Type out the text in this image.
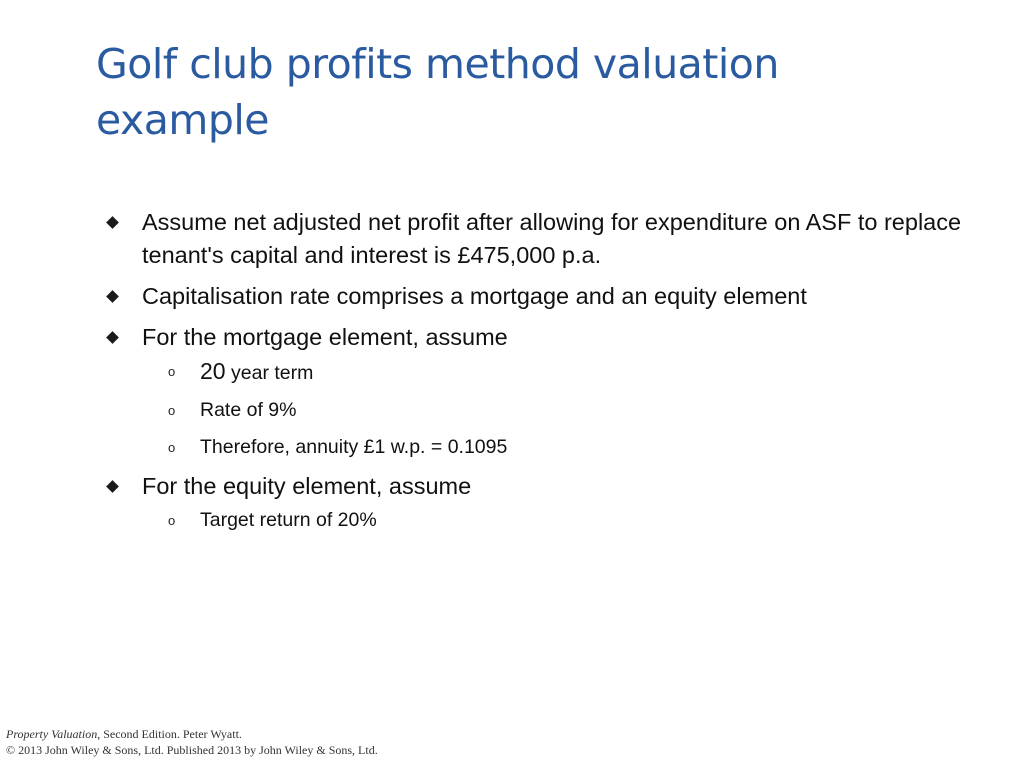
Golf club profits method valuation example
Assume net adjusted net profit after allowing for expenditure on ASF to replace tenant's capital and interest is £475,000 p.a.
Capitalisation rate comprises a mortgage and an equity element
For the mortgage element, assume
o 20 year term
o Rate of 9%
o Therefore, annuity £1 w.p. = 0.1095
For the equity element, assume
o Target return of 20%
Property Valuation, Second Edition. Peter Wyatt.
© 2013 John Wiley & Sons, Ltd. Published 2013 by John Wiley & Sons, Ltd.
